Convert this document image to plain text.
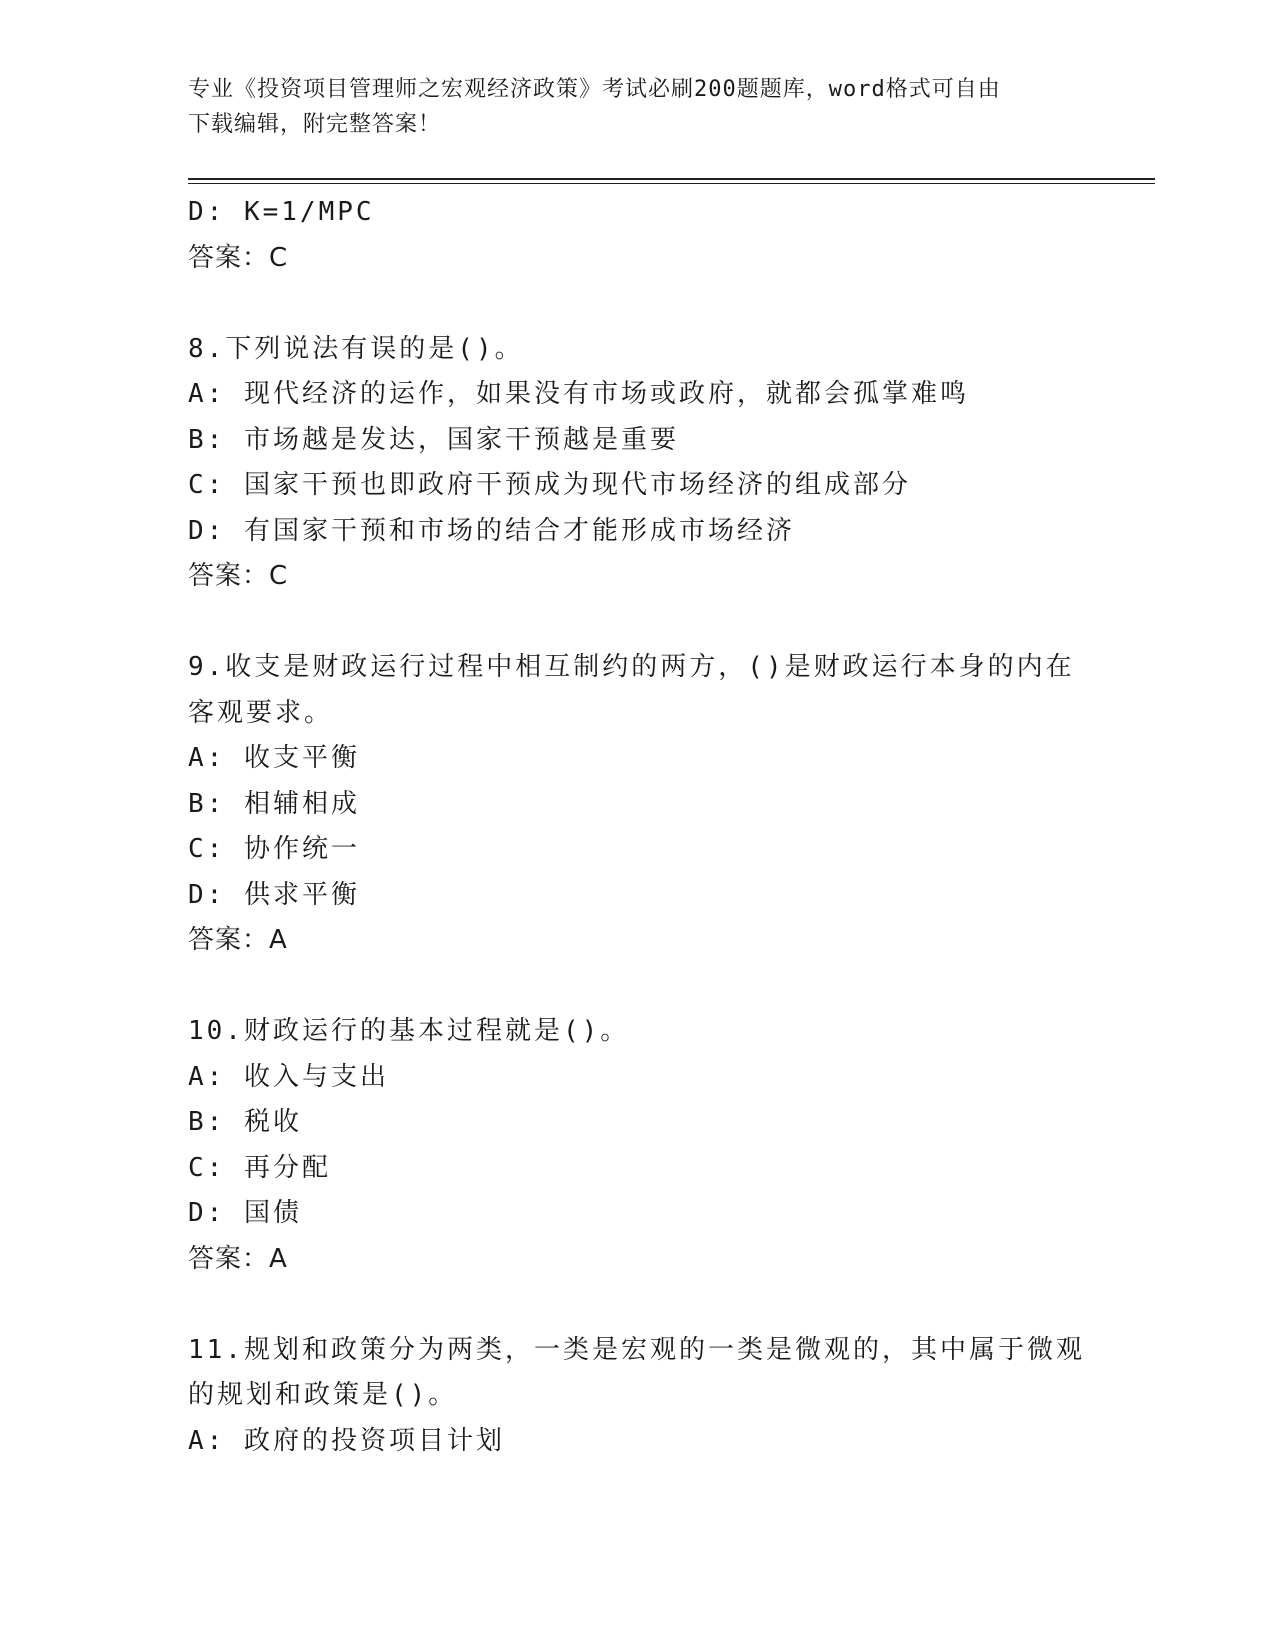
专业《投资项目管理师之宏观经济政策》考试必刷200题题库，word格式可自由
下载编辑，附完整答案！
D: K=1/MPC
答案：C
8.下列说法有误的是()。
A: 现代经济的运作，如果没有市场或政府，就都会孤掌难鸣
B: 市场越是发达，国家干预越是重要
C: 国家干预也即政府干预成为现代市场经济的组成部分
D: 有国家干预和市场的结合才能形成市场经济
答案：C
9.收支是财政运行过程中相互制约的两方，()是财政运行本身的内在
客观要求。
A: 收支平衡
B: 相辅相成
C: 协作统一
D: 供求平衡
答案：A
10.财政运行的基本过程就是()。
A: 收入与支出
B: 税收
C: 再分配
D: 国债
答案：A
11.规划和政策分为两类，一类是宏观的一类是微观的，其中属于微观
的规划和政策是()。
A: 政府的投资项目计划
